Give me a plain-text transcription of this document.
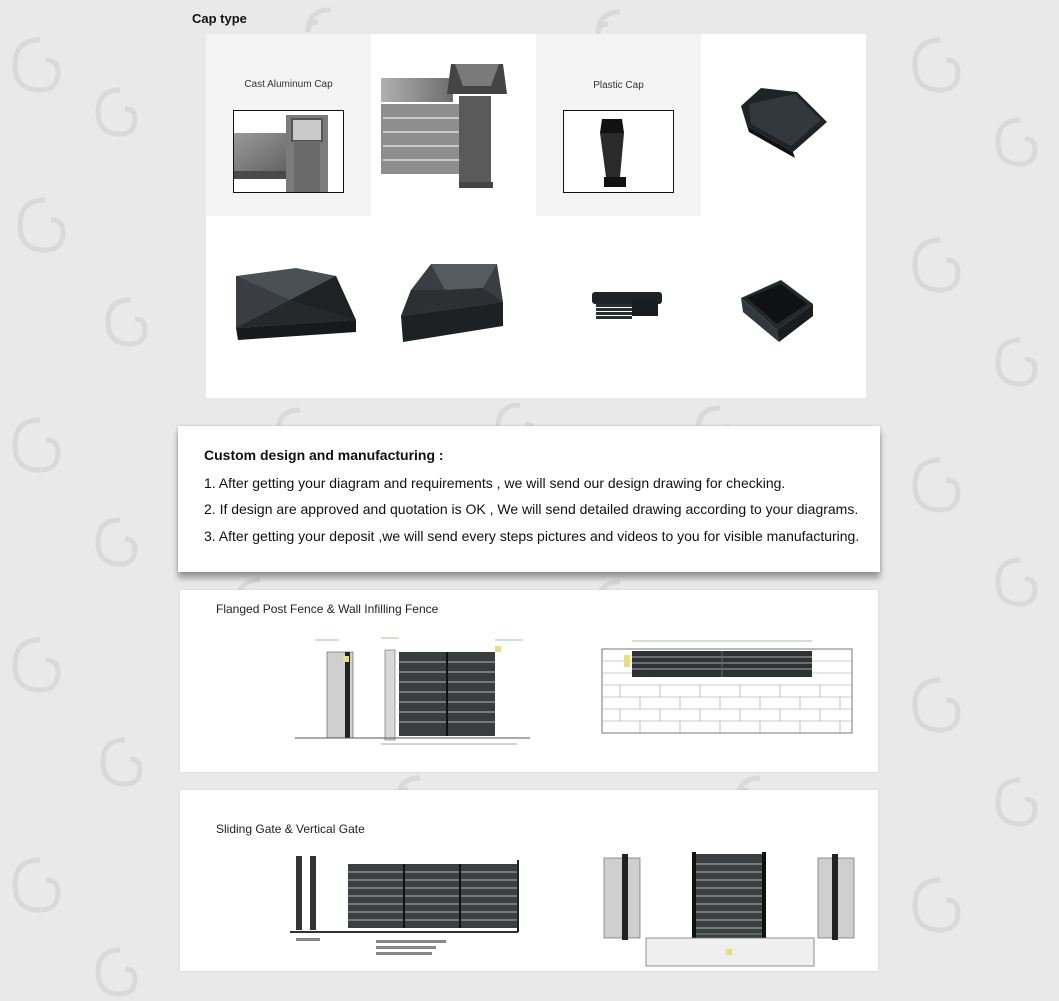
Cap type
Cast Aluminum Cap	Plastic Cap
Custom design and manufacturing :
1. After getting your diagram and requirements , we will send our design drawing for checking.
2. If design are approved and quotation is OK , We will send detailed drawing according to your diagrams.
3. After getting your deposit ,we will send every steps pictures and videos to you for visible manufacturing.
Flanged Post Fence & Wall Infilling Fence
Sliding Gate & Vertical Gate
